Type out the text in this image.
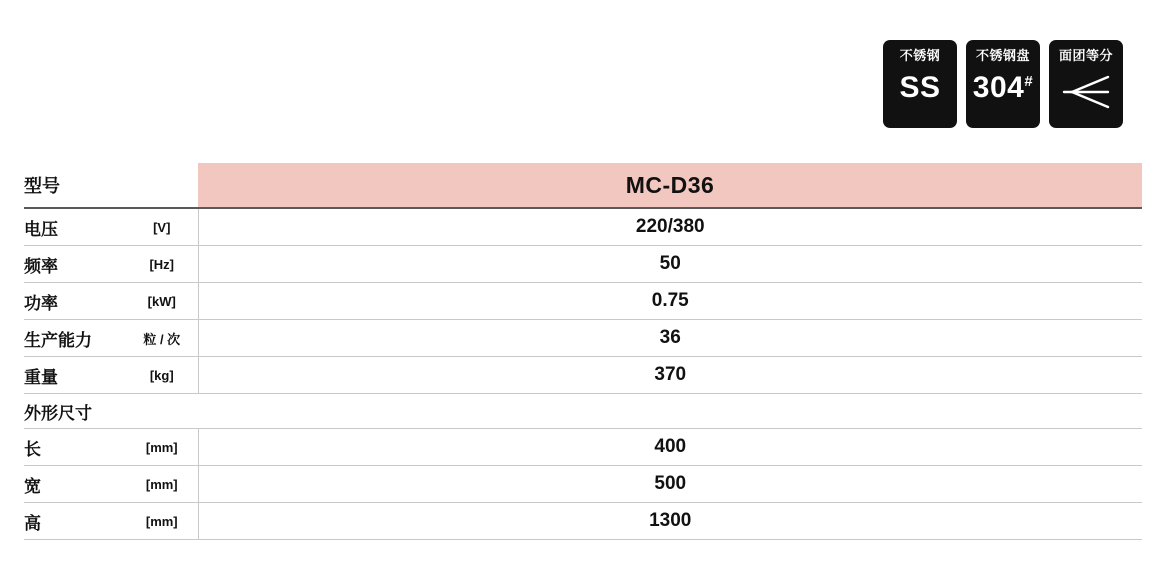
不锈钢
SS
不锈钢盘
304#
面团等分
型号		MC-D36
电压	[V]	220/380
频率	[Hz]	50
功率	[kW]	0.75
生产能力	粒 / 次	36
重量	[kg]	370
外形尺寸		
长	[mm]	400
宽	[mm]	500
高	[mm]	1300
